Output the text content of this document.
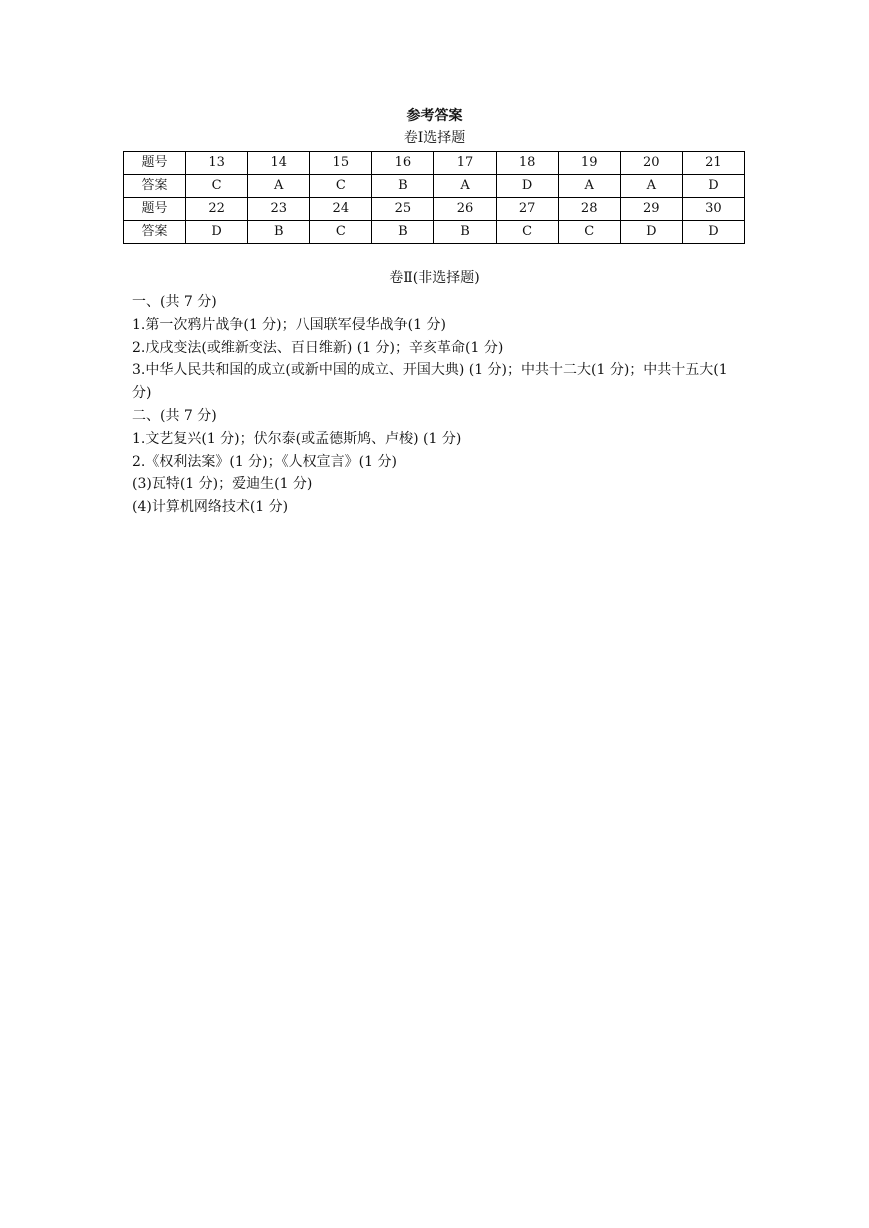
参考答案
卷Ⅰ选择题
题号	13	14	15	16	17	18	19	20	21
答案	C	A	C	B	A	D	A	A	D
题号	22	23	24	25	26	27	28	29	30
答案	D	B	C	B	B	C	C	D	D
卷Ⅱ(非选择题)
一、(共 7 分)
1.第一次鸦片战争(1 分)；八国联军侵华战争(1 分)
2.戊戌变法(或维新变法、百日维新) (1 分)；辛亥革命(1 分)
3.中华人民共和国的成立(或新中国的成立、开国大典) (1 分)；中共十二大(1 分)；中共十五大(1 分)
二、(共 7 分)
1.文艺复兴(1 分)；伏尔泰(或孟德斯鸠、卢梭) (1 分)
2.《权利法案》(1 分)；《人权宣言》(1 分)
(3)瓦特(1 分)；爱迪生(1 分)
(4)计算机网络技术(1 分)
